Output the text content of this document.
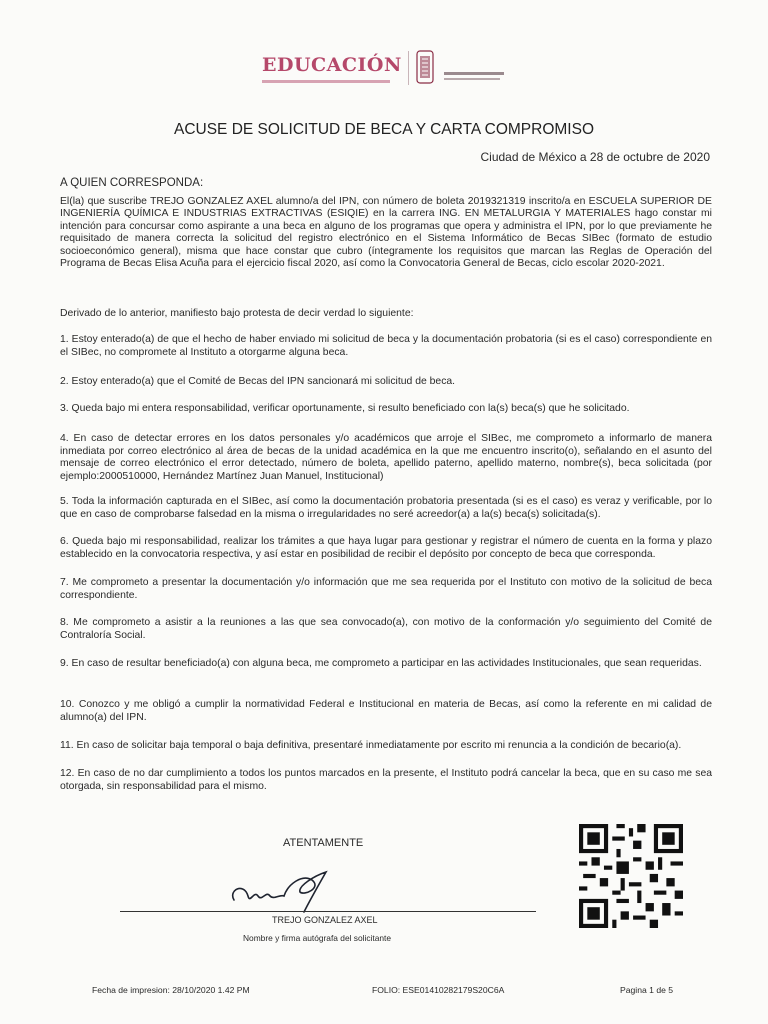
EDUCACIÓN
ACUSE DE SOLICITUD DE BECA Y CARTA COMPROMISO
Ciudad de México a 28 de octubre de 2020
A QUIEN CORRESPONDA:
El(la) que suscribe TREJO GONZALEZ AXEL alumno/a del IPN, con número de boleta 2019321319 inscrito/a en ESCUELA SUPERIOR DE INGENIERÍA QUÍMICA E INDUSTRIAS EXTRACTIVAS (ESIQIE) en la carrera ING. EN METALURGIA Y MATERIALES hago constar mi intención para concursar como aspirante a una beca en alguno de los programas que opera y administra el IPN, por lo que previamente he requisitado de manera correcta la solicitud del registro electrónico en el Sistema Informático de Becas SIBec (formato de estudio socioeconómico general), misma que hace constar que cubro (íntegramente los requisitos que marcan las Reglas de Operación del Programa de Becas Elisa Acuña para el ejercicio fiscal 2020, así como la Convocatoria General de Becas, ciclo escolar 2020-2021.
Derivado de lo anterior, manifiesto bajo protesta de decir verdad lo siguiente:
1. Estoy enterado(a) de que el hecho de haber enviado mi solicitud de beca y la documentación probatoria (si es el caso) correspondiente en el SIBec, no compromete al Instituto a otorgarme alguna beca.
2. Estoy enterado(a) que el Comité de Becas del IPN sancionará mi solicitud de beca.
3. Queda bajo mi entera responsabilidad, verificar oportunamente, si resulto beneficiado con la(s) beca(s) que he solicitado.
4. En caso de detectar errores en los datos personales y/o académicos que arroje el SIBec, me comprometo a informarlo de manera inmediata por correo electrónico al área de becas de la unidad académica en la que me encuentro inscrito(o), señalando en el asunto del mensaje de correo electrónico el error detectado, número de boleta, apellido paterno, apellido materno, nombre(s), beca solicitada (por ejemplo:2000510000, Hernández Martínez Juan Manuel, Institucional)
5. Toda la información capturada en el SIBec, así como la documentación probatoria presentada (si es el caso) es veraz y verificable, por lo que en caso de comprobarse falsedad en la misma o irregularidades no seré acreedor(a) a la(s) beca(s) solicitada(s).
6. Queda bajo mi responsabilidad, realizar los trámites a que haya lugar para gestionar y registrar el número de cuenta en la forma y plazo establecido en la convocatoria respectiva, y así estar en posibilidad de recibir el depósito por concepto de beca que corresponda.
7. Me comprometo a presentar la documentación y/o información que me sea requerida por el Instituto con motivo de la solicitud de beca correspondiente.
8. Me comprometo a asistir a la reuniones a las que sea convocado(a), con motivo de la conformación y/o seguimiento del Comité de Contraloría Social.
9. En caso de resultar beneficiado(a) con alguna beca, me comprometo a participar en las actividades Institucionales, que sean requeridas.
10. Conozco y me obligó a cumplir la normatividad Federal e Institucional en materia de Becas, así como la referente en mi calidad de alumno(a) del IPN.
11. En caso de solicitar baja temporal o baja definitiva, presentaré inmediatamente por escrito mi renuncia a la condición de becario(a).
12. En caso de no dar cumplimiento a todos los puntos marcados en la presente, el Instituto podrá cancelar la beca, que en su caso me sea otorgada, sin responsabilidad para el mismo.
ATENTAMENTE
TREJO GONZALEZ AXEL
Nombre y firma autógrafa del solicitante
Fecha de impresion: 28/10/2020 1.42 PM	FOLIO: ESE01410282179S20C6A	Pagina 1 de 5
